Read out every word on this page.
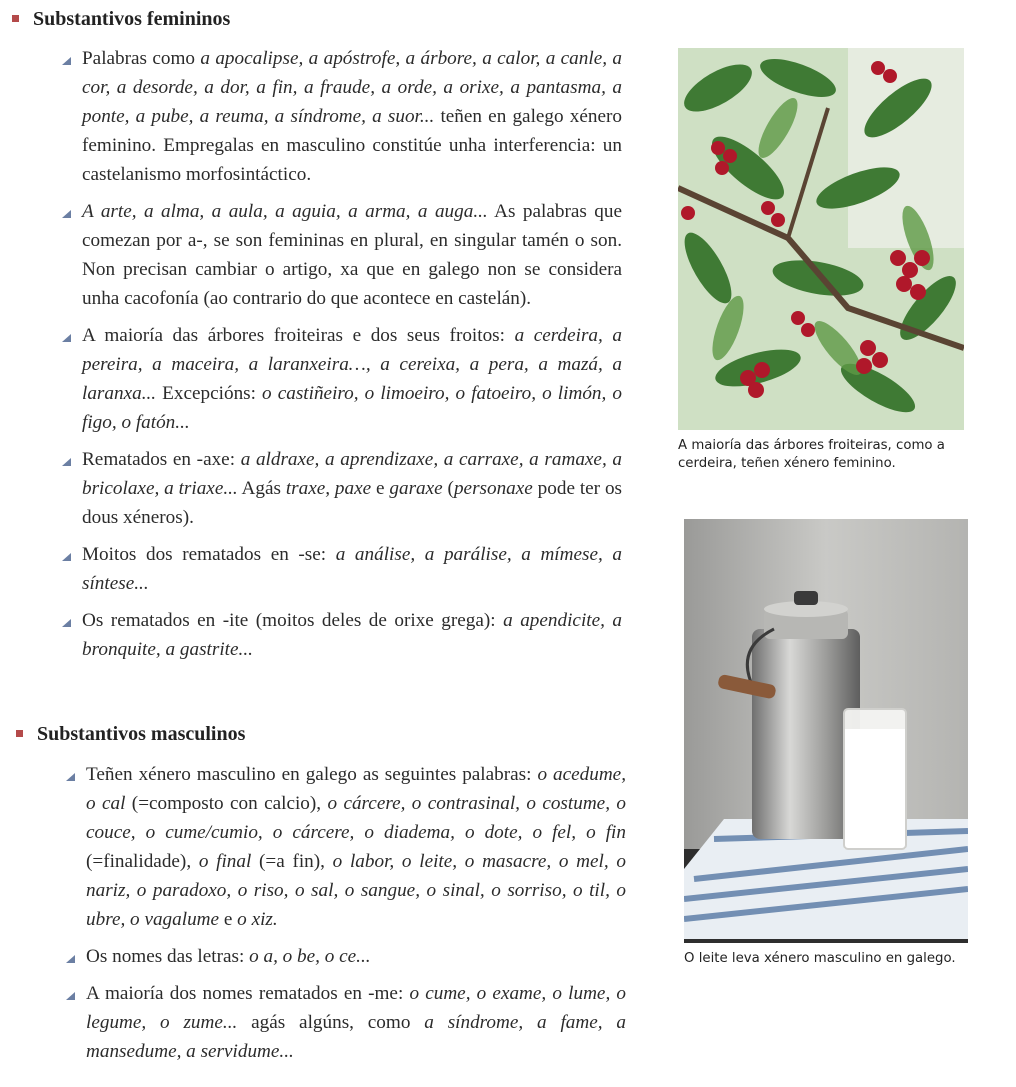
Substantivos femininos
Palabras como a apocalipse, a apóstrofe, a árbore, a calor, a canle, a cor, a desorde, a dor, a fin, a fraude, a orde, a orixe, a pantasma, a ponte, a pube, a reuma, a síndrome, a suor... teñen en galego xénero feminino. Empregalas en masculino constitúe unha interferencia: un castelanismo morfosintáctico.
A arte, a alma, a aula, a aguia, a arma, a auga... As palabras que comezan por a-, se son femininas en plural, en singular tamén o son. Non precisan cambiar o artigo, xa que en galego non se considera unha cacofonía (ao contrario do que acontece en castelán).
A maioría das árbores froiteiras e dos seus froitos: a cerdeira, a pereira, a maceira, a laranxeira…, a cereixa, a pera, a mazá, a laranxa... Excepcións: o castiñeiro, o limoeiro, o fatoeiro, o limón, o figo, o fatón...
Rematados en -axe: a aldraxe, a aprendizaxe, a carraxe, a ramaxe, a bricolaxe, a triaxe... Agás traxe, paxe e garaxe (personaxe pode ter os dous xéneros).
Moitos dos rematados en -se: a análise, a parálise, a mímese, a síntese...
Os rematados en -ite (moitos deles de orixe grega): a apendicite, a bronquite, a gastrite...
Substantivos masculinos
Teñen xénero masculino en galego as seguintes palabras: o acedume, o cal (=composto con calcio), o cárcere, o contrasinal, o costume, o couce, o cume/cumio, o cárcere, o diadema, o dote, o fel, o fin (=finalidade), o final (=a fin), o labor, o leite, o masacre, o mel, o nariz, o paradoxo, o riso, o sal, o sangue, o sinal, o sorriso, o til, o ubre, o vagalume e o xiz.
Os nomes das letras: o a, o be, o ce...
A maioría dos nomes rematados en -me: o cume, o exame, o lume, o legume, o zume... agás algúns, como a síndrome, a fame, a mansedume, a servidume...
A maioría das árbores froiteiras, como a cerdeira, teñen xénero feminino.
O leite leva xénero masculino en galego.
